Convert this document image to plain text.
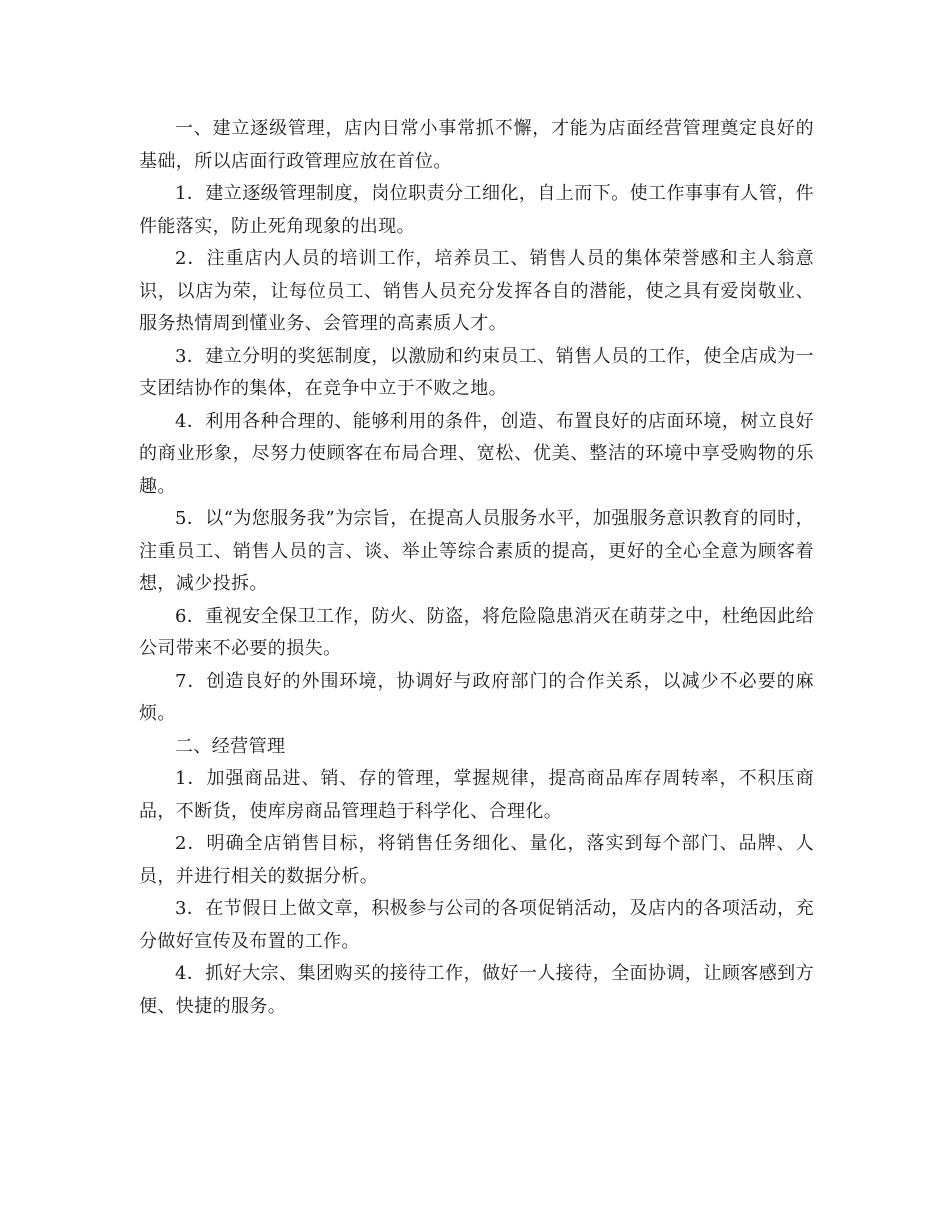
一、建立逐级管理，店内日常小事常抓不懈，才能为店面经营管理奠定良好的基础，所以店面行政管理应放在首位。

1．建立逐级管理制度，岗位职责分工细化，自上而下。使工作事事有人管，件件能落实，防止死角现象的出现。

2．注重店内人员的培训工作，培养员工、销售人员的集体荣誉感和主人翁意识，以店为荣，让每位员工、销售人员充分发挥各自的潜能，使之具有爱岗敬业、服务热情周到懂业务、会管理的高素质人才。

3．建立分明的奖惩制度，以激励和约束员工、销售人员的工作，使全店成为一支团结协作的集体，在竞争中立于不败之地。

4．利用各种合理的、能够利用的条件，创造、布置良好的店面环境，树立良好的商业形象，尽努力使顾客在布局合理、宽松、优美、整洁的环境中享受购物的乐趣。

5．以“为您服务我”为宗旨，在提高人员服务水平，加强服务意识教育的同时，注重员工、销售人员的言、谈、举止等综合素质的提高，更好的全心全意为顾客着想，减少投拆。

6．重视安全保卫工作，防火、防盗，将危险隐患消灭在萌芽之中，杜绝因此给公司带来不必要的损失。

7．创造良好的外围环境，协调好与政府部门的合作关系，以减少不必要的麻烦。

二、经营管理

1．加强商品进、销、存的管理，掌握规律，提高商品库存周转率，不积压商品，不断货，使库房商品管理趋于科学化、合理化。

2．明确全店销售目标，将销售任务细化、量化，落实到每个部门、品牌、人员，并进行相关的数据分析。

3．在节假日上做文章，积极参与公司的各项促销活动，及店内的各项活动，充分做好宣传及布置的工作。

4．抓好大宗、集团购买的接待工作，做好一人接待，全面协调，让顾客感到方便、快捷的服务。
